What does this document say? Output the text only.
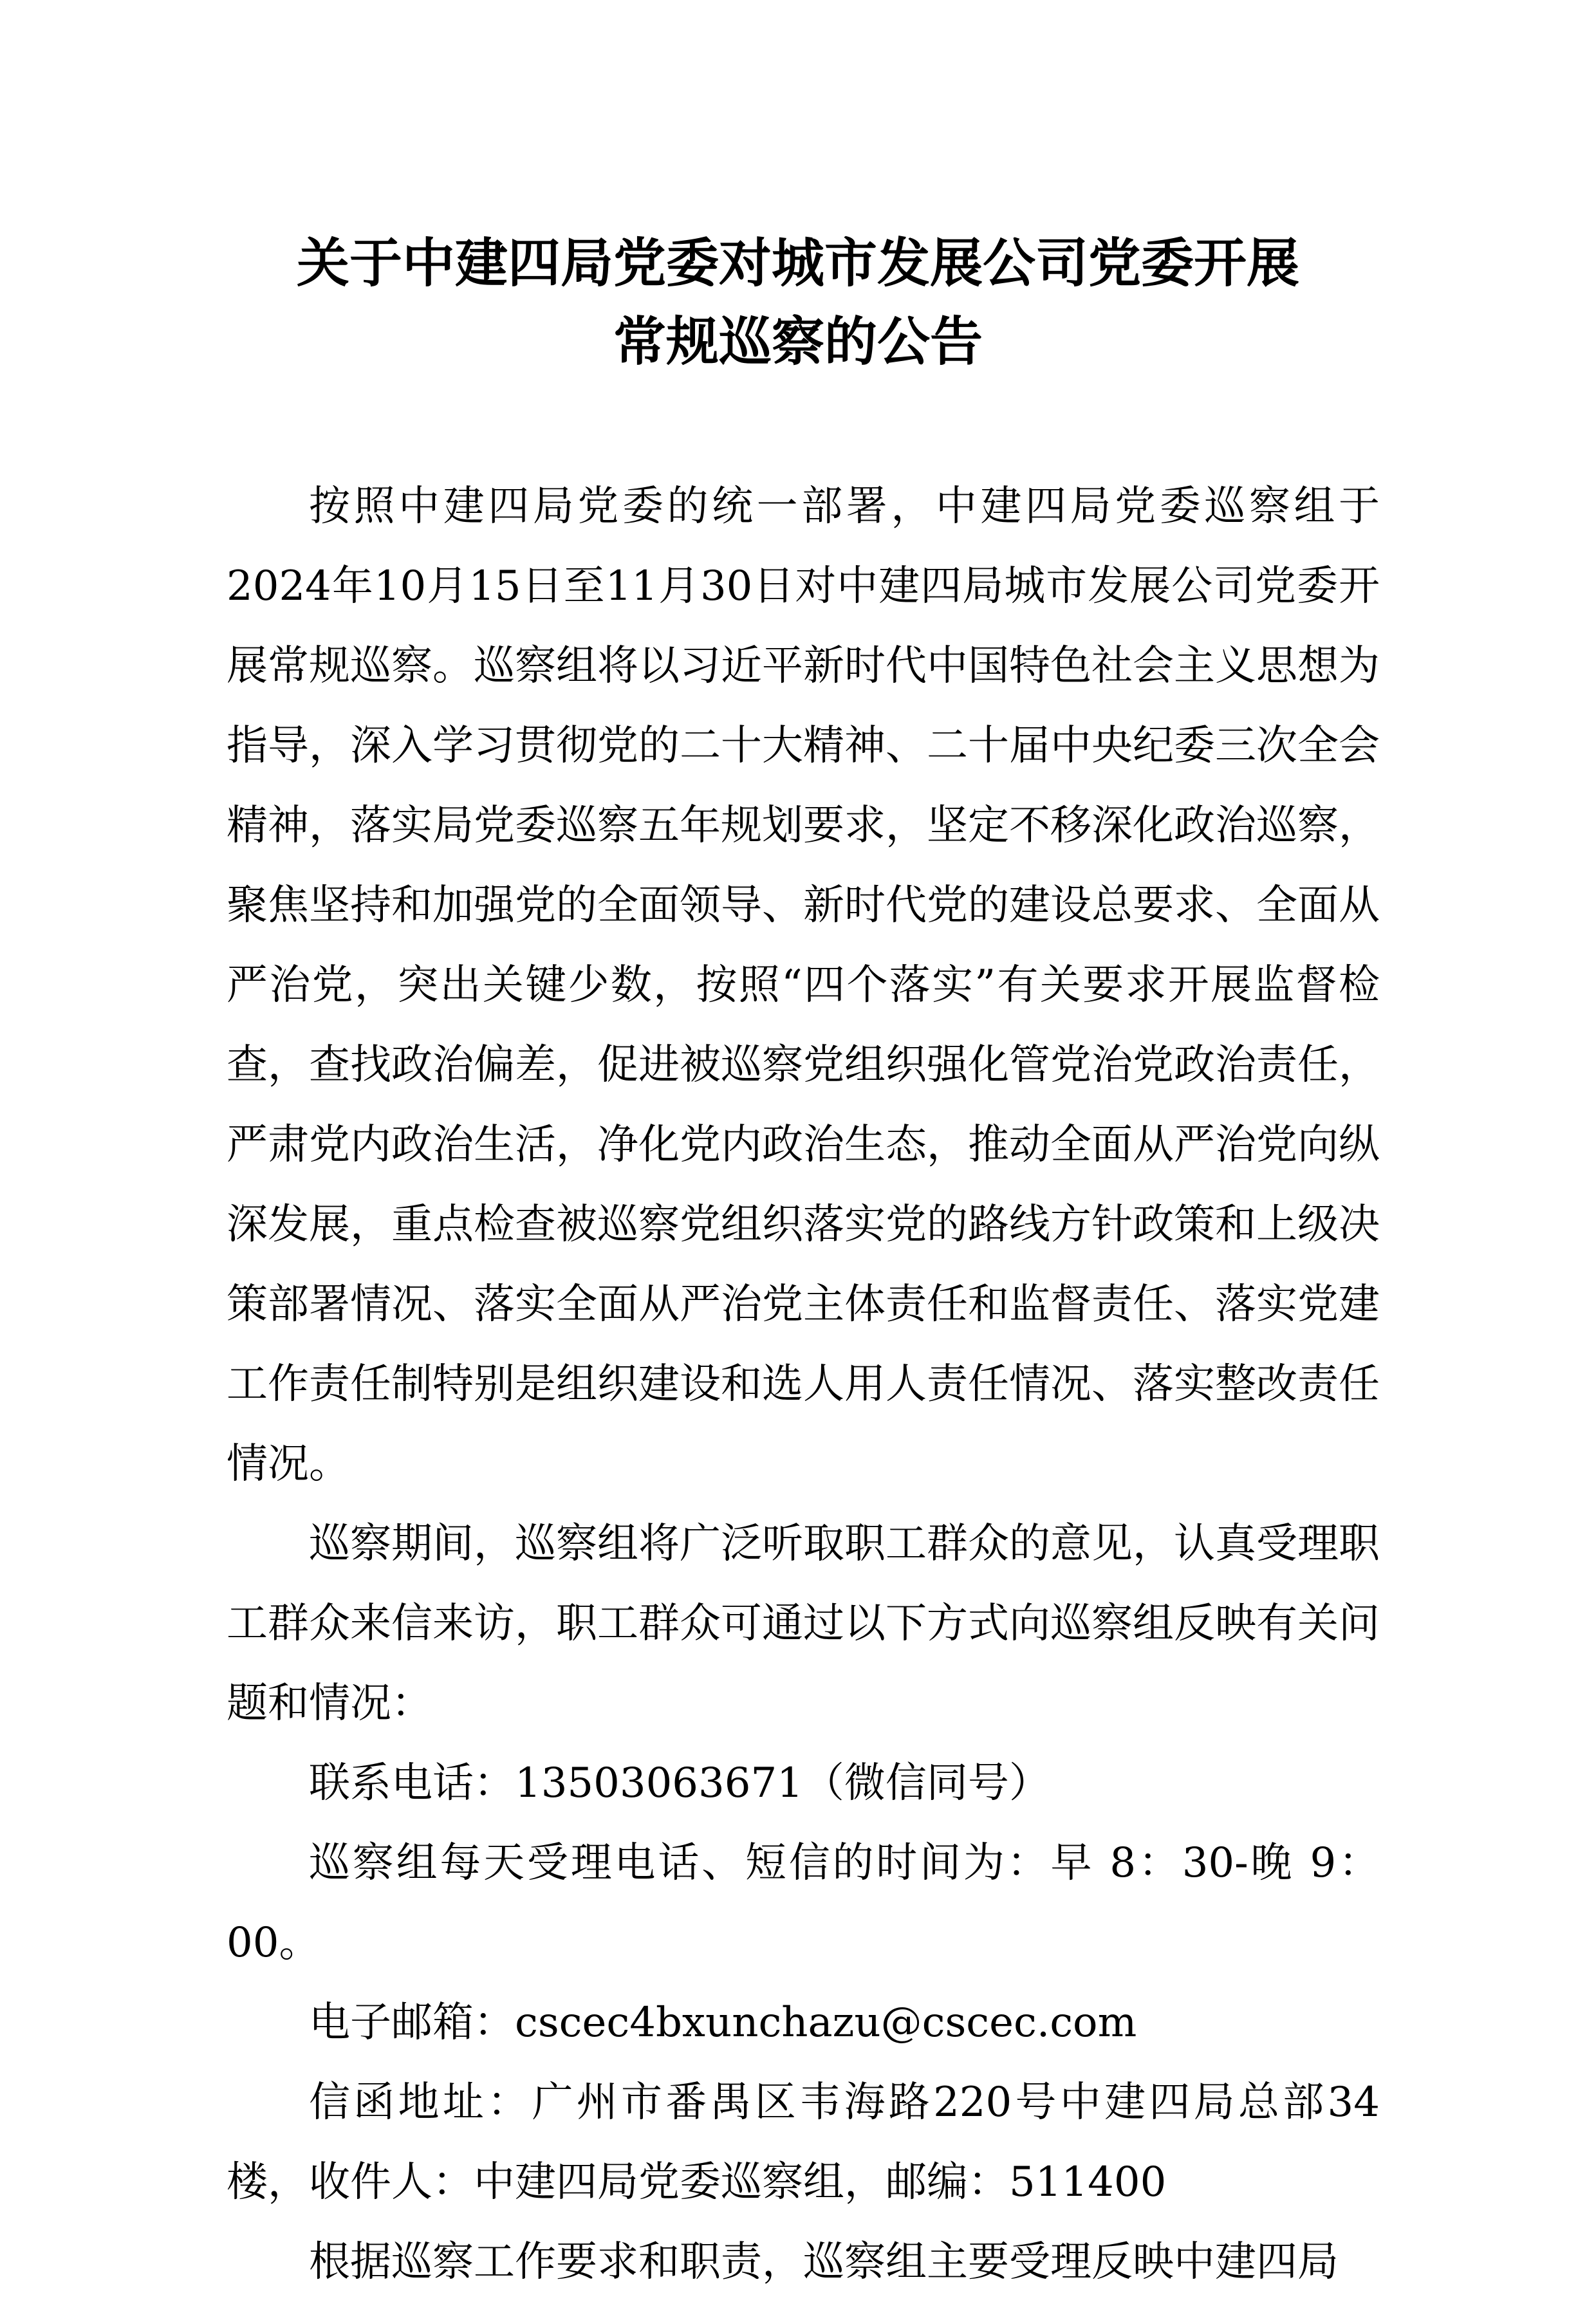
关于中建四局党委对城市发展公司党委开展
常规巡察的公告

按照中建四局党委的统一部署，中建四局党委巡察组于2024年10月15日至11月30日对中建四局城市发展公司党委开展常规巡察。巡察组将以习近平新时代中国特色社会主义思想为指导，深入学习贯彻党的二十大精神、二十届中央纪委三次全会精神，落实局党委巡察五年规划要求，坚定不移深化政治巡察，聚焦坚持和加强党的全面领导、新时代党的建设总要求、全面从严治党，突出关键少数，按照“四个落实”有关要求开展监督检查，查找政治偏差，促进被巡察党组织强化管党治党政治责任，严肃党内政治生活，净化党内政治生态，推动全面从严治党向纵深发展，重点检查被巡察党组织落实党的路线方针政策和上级决策部署情况、落实全面从严治党主体责任和监督责任、落实党建工作责任制特别是组织建设和选人用人责任情况、落实整改责任情况。

巡察期间，巡察组将广泛听取职工群众的意见，认真受理职工群众来信来访，职工群众可通过以下方式向巡察组反映有关问题和情况：

联系电话：13503063671（微信同号）

巡察组每天受理电话、短信的时间为：早 8：30-晚 9：00。

电子邮箱：cscec4bxunchazu@cscec.com

信函地址：广州市番禺区韦海路220号中建四局总部34楼，收件人：中建四局党委巡察组，邮编：511400

根据巡察工作要求和职责，巡察组主要受理反映中建四局
